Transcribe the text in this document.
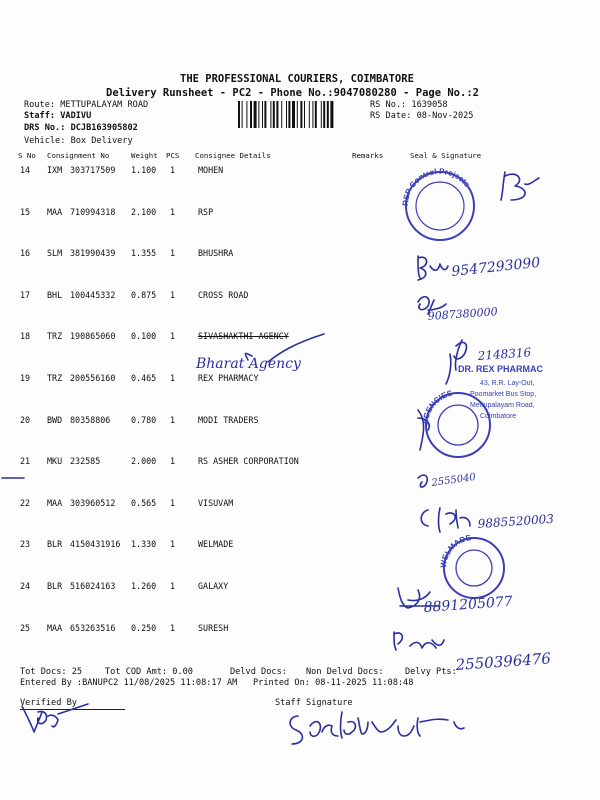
THE PROFESSIONAL COURIERS, COIMBATORE
Delivery Runsheet - PC2 - Phone No.:9047080280 - Page No.:2
Route: METTUPALAYAM ROAD
Staff: VADIVU
DRS No.: DCJB163905802
Vehicle: Box Delivery
RS No.: 1639058
RS Date: 08-Nov-2025
S No Consignment No	Weight PCS Consignee Details	Remarks	Seal & Signature
14 IXM 303717509 1.100 1	MOHEN
15 MAA 710994318 2.100 1	RSP
16 SLM 381990439 1.355 1	BHUSHRA
17 BHL 100445332 0.875 1	CROSS ROAD
18 TRZ 190865060 0.100 1	SIVASHAKTHI AGENCY
19 TRZ 200556160 0.465 1	REX PHARMACY
20 BWD 80358806 0.780 1	MODI TRADERS
21 MKU 232585	2.000 1	RS ASHER CORPORATION
22 MAA 303960512 0.565 1	VISUVAM
23 BLR 4150431916 1.330 1	WELMADE
24 BLR 516024163 1.260 1	GALAXY
25 MAA 653263516 0.250 1	SURESH
Tot Docs: 25	Tot COD Amt: 0.00	Delvd Docs: Non Delvd Docs: Delvy Pts:
Entered By :BANUPC2 11/08/2025 11:08:17 AM Printed On: 08-11-2025 11:08:48
Verified By	Staff Signature
RSP Control Projects
AGENCIES
WELMADE
DR. REX PHARMAC
43, R.R. Lay-Out,
Poomarket Bus Stop,
Mettupalayam Road,
Coimbatore
9547293090
9087380000
2148316
Bharat Agency
2555040
9885520003
8891205077
2550396476
